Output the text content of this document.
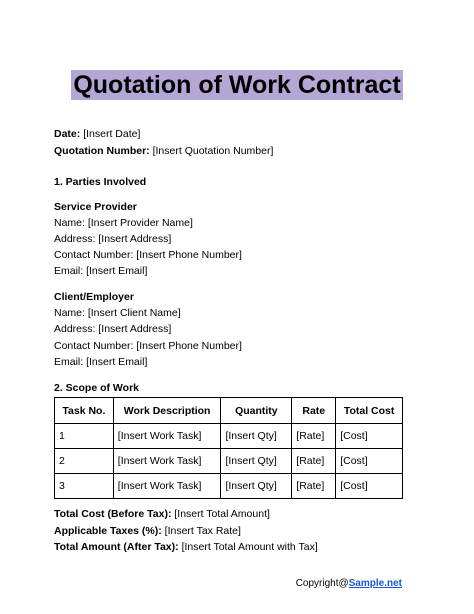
Quotation of Work Contract
Date: [Insert Date]
Quotation Number: [Insert Quotation Number]
1. Parties Involved
Service Provider
Name: [Insert Provider Name]
Address: [Insert Address]
Contact Number: [Insert Phone Number]
Email: [Insert Email]
Client/Employer
Name: [Insert Client Name]
Address: [Insert Address]
Contact Number: [Insert Phone Number]
Email: [Insert Email]
2. Scope of Work
Task No.	Work Description	Quantity	Rate	Total Cost
1	[Insert Work Task]	[Insert Qty]	[Rate]	[Cost]
2	[Insert Work Task]	[Insert Qty]	[Rate]	[Cost]
3	[Insert Work Task]	[Insert Qty]	[Rate]	[Cost]
Total Cost (Before Tax): [Insert Total Amount]
Applicable Taxes (%): [Insert Tax Rate]
Total Amount (After Tax): [Insert Total Amount with Tax]
Copyright@Sample.net
